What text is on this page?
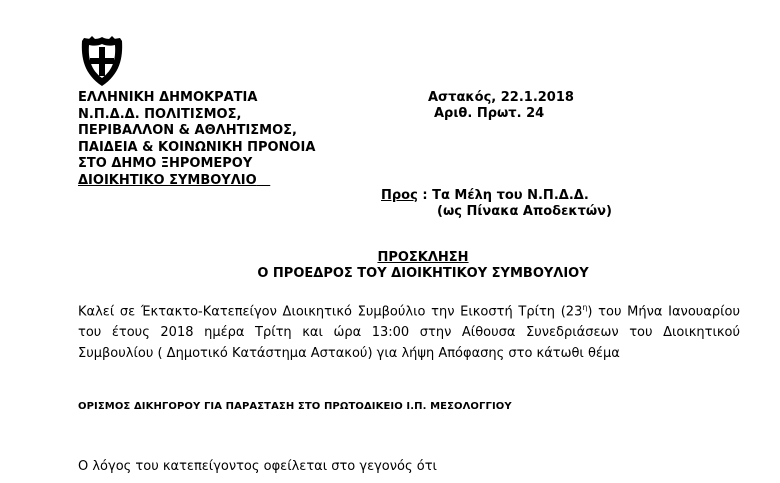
ΕΛΛΗΝΙΚΗ ΔΗΜΟΚΡΑΤΙΑ
Ν.Π.Δ.Δ. ΠΟΛΙΤΙΣΜΟΣ,
ΠΕΡΙΒΑΛΛΟΝ & ΑΘΛΗΤΙΣΜΟΣ,
ΠΑΙΔΕΙΑ & ΚΟΙΝΩΝΙΚΗ ΠΡΟΝΟΙΑ
ΣΤΟ ΔΗΜΟ ΞΗΡΟΜΕΡΟΥ
ΔΙΟΙΚΗΤΙΚΟ ΣΥΜΒΟΥΛΙΟ
Αστακός, 22.1.2018
Αριθ. Πρωτ. 24
Προς : Τα Μέλη του Ν.Π.Δ.Δ.
(ως Πίνακα Αποδεκτών)
ΠΡΟΣΚΛΗΣΗ
Ο ΠΡΟΕΔΡΟΣ ΤΟΥ ΔΙΟΙΚΗΤΙΚΟΥ ΣΥΜΒΟΥΛΙΟΥ
Καλεί σε Έκτακτο-Κατεπείγον Διοικητικό Συμβούλιο την Εικοστή Τρίτη $(23^\eta)$ του Μήνα Ιανουαρίου του έτους 2018 ημέρα Τρίτη και ώρα 13:00 στην Αίθουσα Συνεδριάσεων του Διοικητικού Συμβουλίου ( Δημοτικό Κατάστημα Αστακού) για λήψη Απόφασης στο κάτωθι θέμα
ΟΡΙΣΜΟΣ ΔΙΚΗΓΟΡΟΥ ΓΙΑ ΠΑΡΑΣΤΑΣΗ ΣΤΟ ΠΡΩΤΟΔΙΚΕΙΟ Ι.Π. ΜΕΣΟΛΟΓΓΙΟΥ
Ο λόγος του κατεπείγοντος οφείλεται στο γεγονός ότι
